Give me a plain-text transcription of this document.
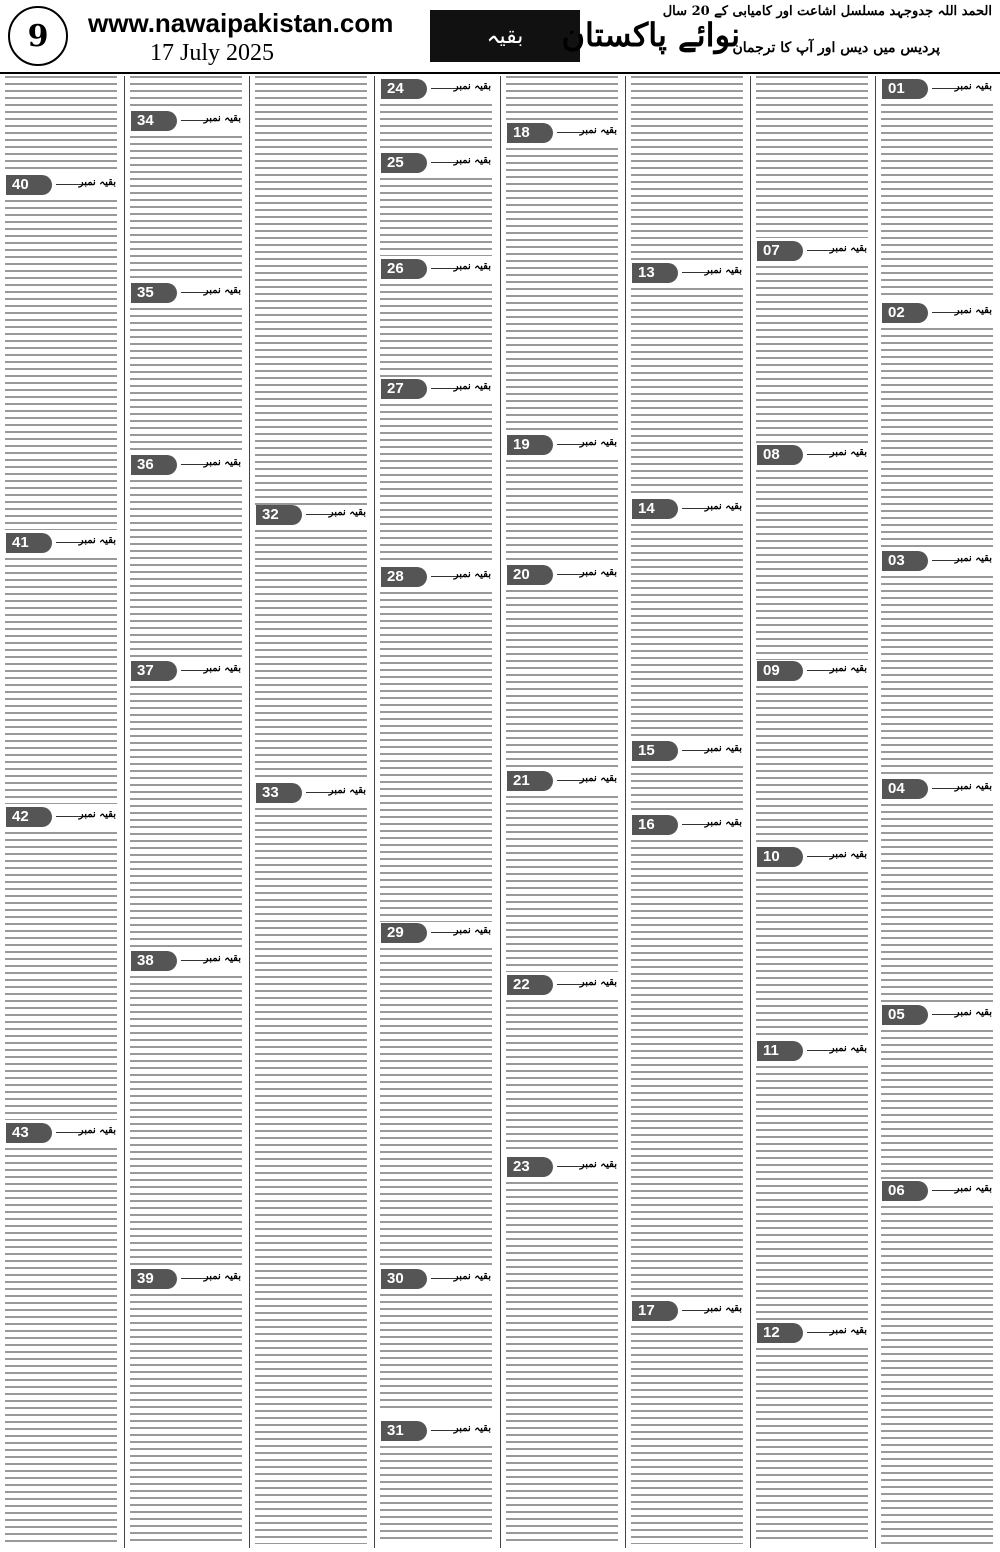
9	www.nawaipakistan.com
17 July 2025
بقیہ	نوائے پاکستان
الحمد اللہ جدوجہد مسلسل اشاعت اور کامیابی کے 20 سال
پردیس میں دیس اور آپ کا ترجمان
40	بقیہ نمبر
41	بقیہ نمبر
42	بقیہ نمبر
43	بقیہ نمبر
34	بقیہ نمبر
35	بقیہ نمبر
36	بقیہ نمبر
37	بقیہ نمبر
38	بقیہ نمبر
39	بقیہ نمبر
32	بقیہ نمبر
33	بقیہ نمبر
24	بقیہ نمبر
25	بقیہ نمبر
26	بقیہ نمبر
27	بقیہ نمبر
28	بقیہ نمبر
29	بقیہ نمبر
30	بقیہ نمبر
31	بقیہ نمبر
18	بقیہ نمبر
19	بقیہ نمبر
20	بقیہ نمبر
21	بقیہ نمبر
22	بقیہ نمبر
23	بقیہ نمبر
13	بقیہ نمبر
14	بقیہ نمبر
15	بقیہ نمبر
16	بقیہ نمبر
17	بقیہ نمبر
07	بقیہ نمبر
08	بقیہ نمبر
09	بقیہ نمبر
10	بقیہ نمبر
11	بقیہ نمبر
12	بقیہ نمبر
01	بقیہ نمبر
02	بقیہ نمبر
03	بقیہ نمبر
04	بقیہ نمبر
05	بقیہ نمبر
06	بقیہ نمبر
